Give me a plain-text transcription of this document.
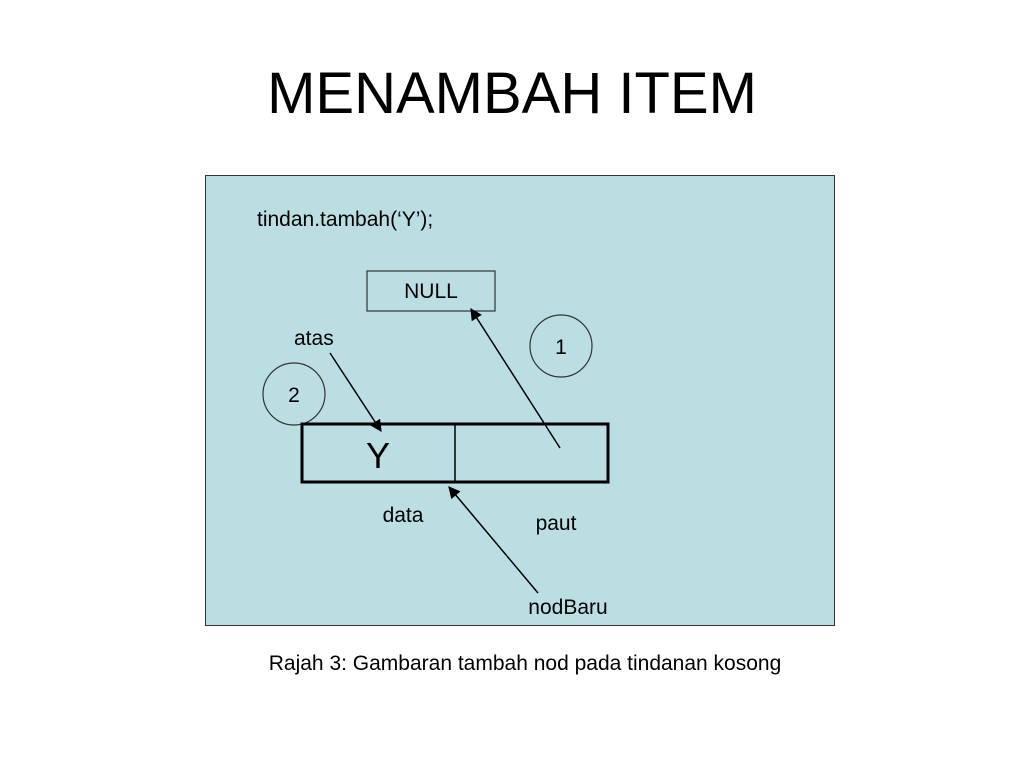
MENAMBAH ITEM
tindan.tambah(‘Y’);
NULL
atas	1
2
Y
data	paut
nodBaru
Rajah 3: Gambaran tambah nod pada tindanan kosong
